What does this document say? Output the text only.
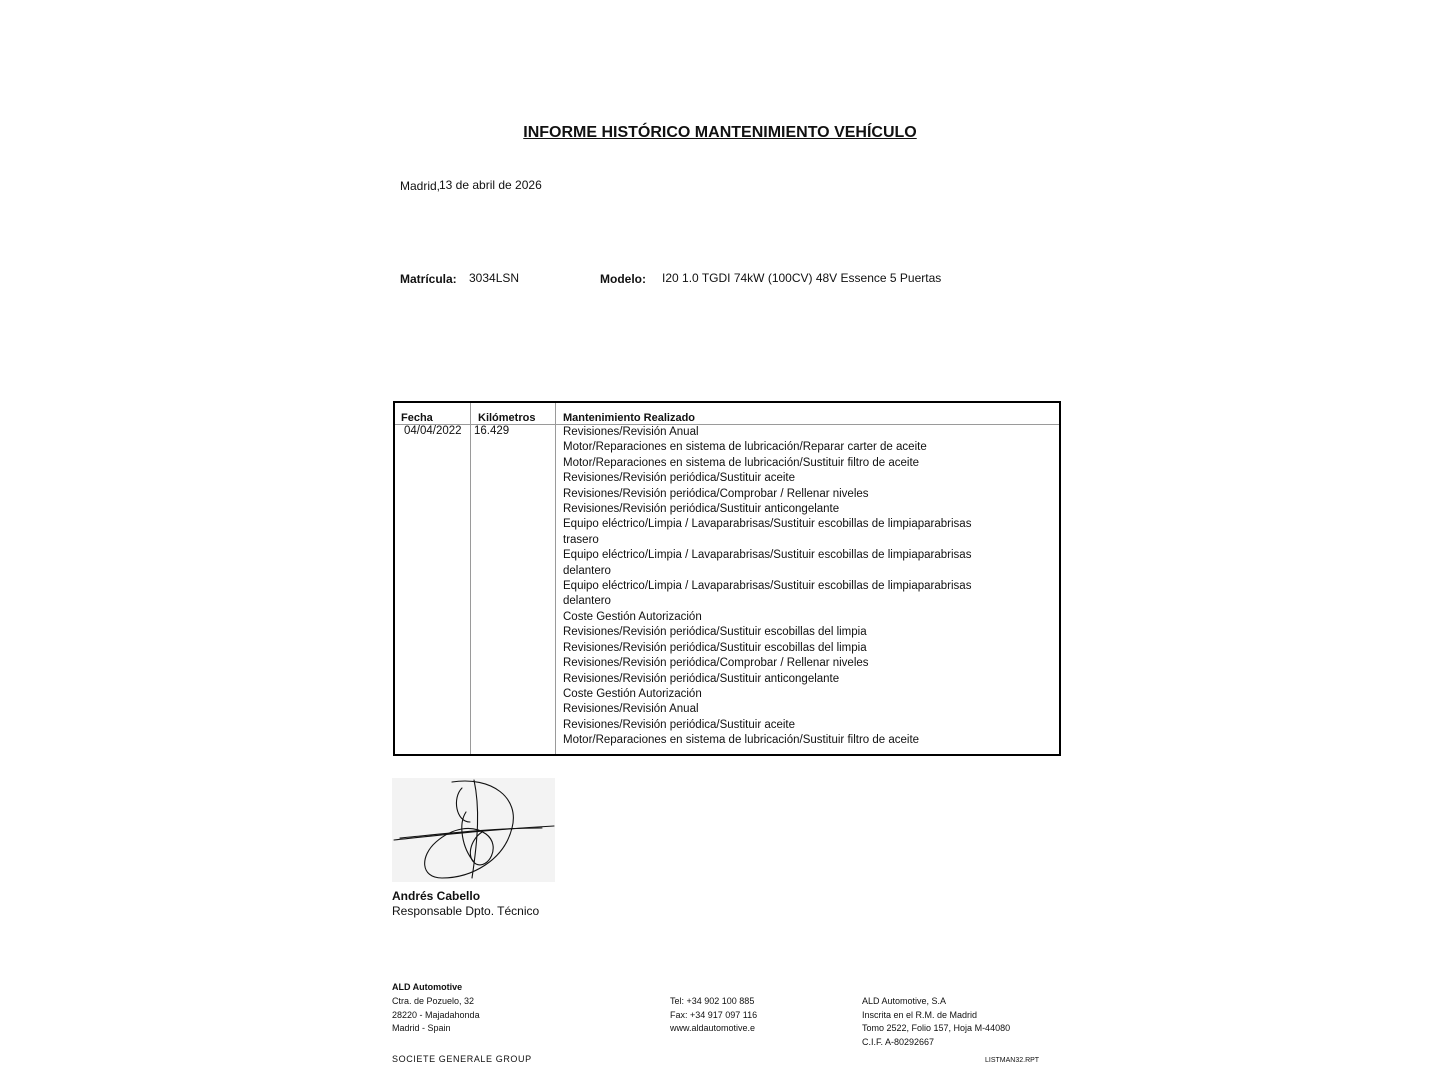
INFORME HISTÓRICO MANTENIMIENTO VEHÍCULO
Madrid,
13 de abril de 2026
Matrícula: 3034LSN	Modelo: I20 1.0 TGDI 74kW (100CV) 48V Essence 5 Puertas
Fecha	Kilómetros	Mantenimiento Realizado
04/04/2022 16.429	Revisiones/Revisión Anual
Motor/Reparaciones en sistema de lubricación/Reparar carter de aceite
Motor/Reparaciones en sistema de lubricación/Sustituir filtro de aceite
Revisiones/Revisión periódica/Sustituir aceite
Revisiones/Revisión periódica/Comprobar / Rellenar niveles
Revisiones/Revisión periódica/Sustituir anticongelante
Equipo eléctrico/Limpia / Lavaparabrisas/Sustituir escobillas de limpiaparabrisas
trasero
Equipo eléctrico/Limpia / Lavaparabrisas/Sustituir escobillas de limpiaparabrisas
delantero
Equipo eléctrico/Limpia / Lavaparabrisas/Sustituir escobillas de limpiaparabrisas
delantero
Coste Gestión Autorización
Revisiones/Revisión periódica/Sustituir escobillas del limpia
Revisiones/Revisión periódica/Sustituir escobillas del limpia
Revisiones/Revisión periódica/Comprobar / Rellenar niveles
Revisiones/Revisión periódica/Sustituir anticongelante
Coste Gestión Autorización
Revisiones/Revisión Anual
Revisiones/Revisión periódica/Sustituir aceite
Motor/Reparaciones en sistema de lubricación/Sustituir filtro de aceite
Andrés Cabello
Responsable Dpto. Técnico
ALD Automotive
Ctra. de Pozuelo, 32
28220 - Majadahonda
Madrid - Spain
Tel: +34 902 100 885
Fax: +34 917 097 116
www.aldautomotive.e
ALD Automotive, S.A
Inscrita en el R.M. de Madrid
Tomo 2522, Folio 157, Hoja M-44080
C.I.F. A-80292667
SOCIETE GENERALE GROUP	LISTMAN32.RPT
